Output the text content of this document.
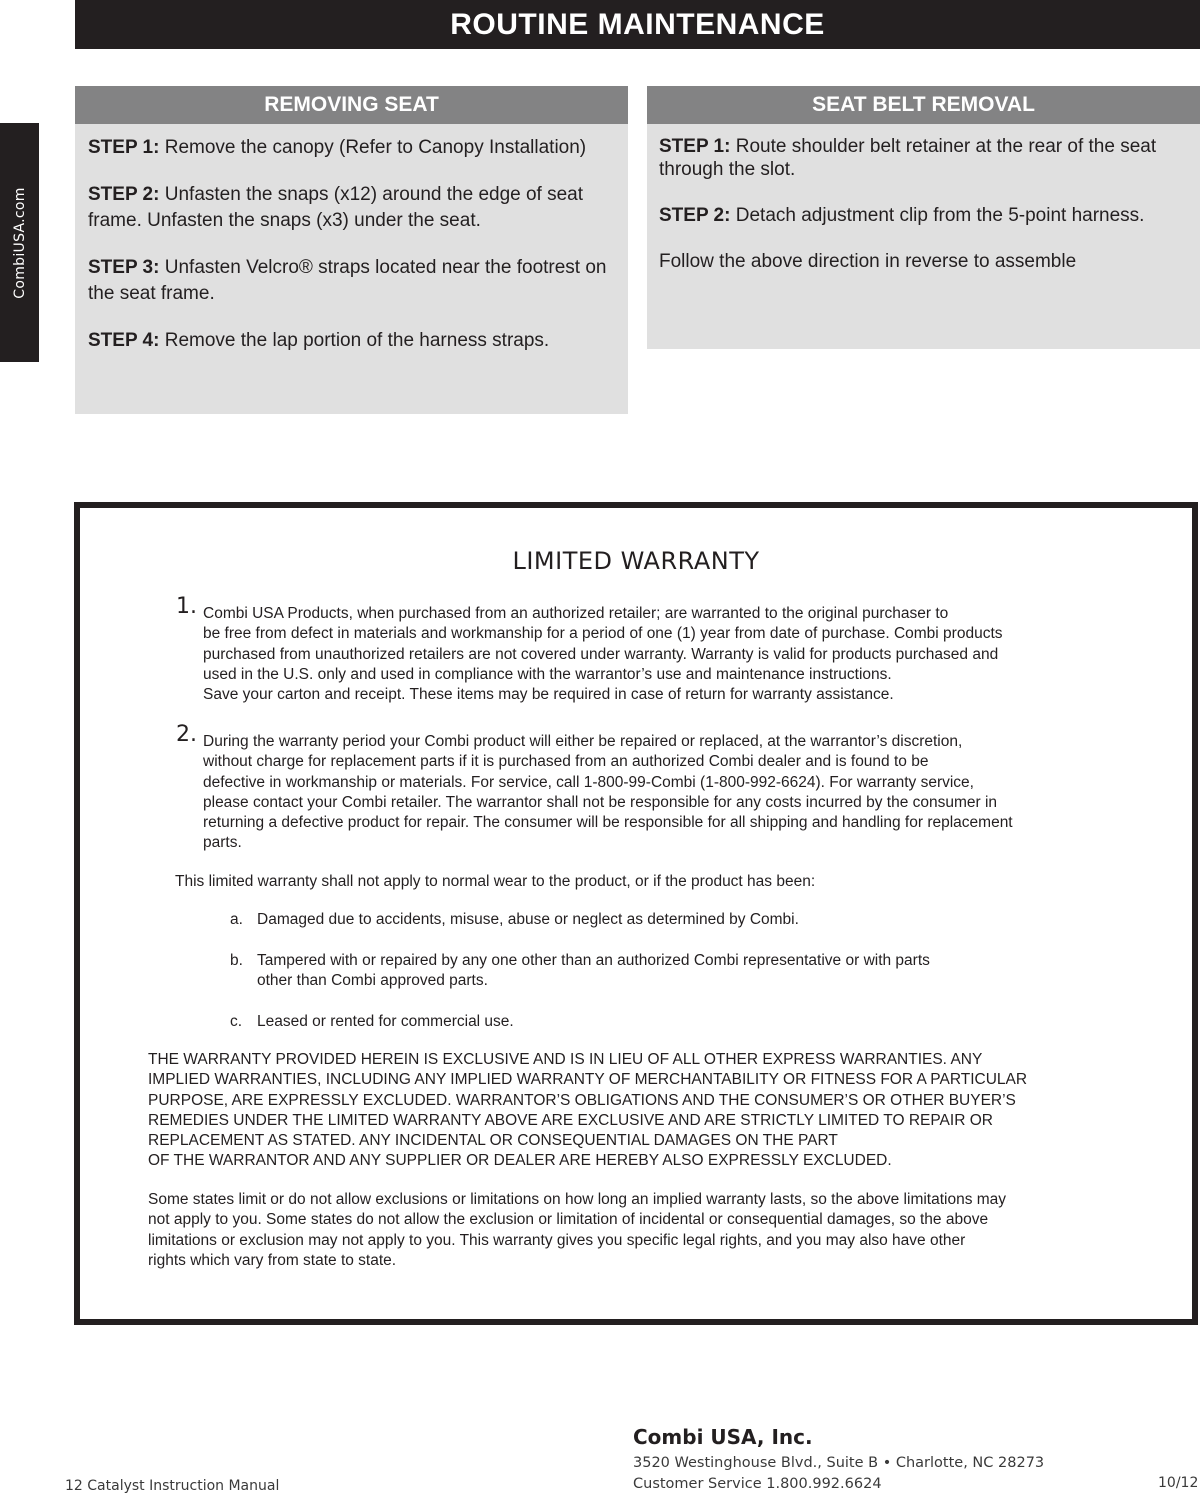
CombiUSA.com
ROUTINE MAINTENANCE
REMOVING SEAT

STEP 1: Remove the canopy (Refer to Canopy Installation)

STEP 2: Unfasten the snaps (x12) around the edge of seat frame. Unfasten the snaps (x3) under the seat.

STEP 3: Unfasten Velcro® straps located near the footrest on the seat frame.

STEP 4: Remove the lap portion of the harness straps.

SEAT BELT REMOVAL

STEP 1: Route shoulder belt retainer at the rear of the seat through the slot.

STEP 2: Detach adjustment clip from the 5-point harness.

Follow the above direction in reverse to assemble

LIMITED WARRANTY
1. Combi USA Products, when purchased from an authorized retailer; are warranted to the original purchaser to
be free from defect in materials and workmanship for a period of one (1) year from date of purchase. Combi products
purchased from unauthorized retailers are not covered under warranty. Warranty is valid for products purchased and
used in the U.S. only and used in compliance with the warrantor’s use and maintenance instructions.
Save your carton and receipt. These items may be required in case of return for warranty assistance.
2. During the warranty period your Combi product will either be repaired or replaced, at the warrantor’s discretion,
without charge for replacement parts if it is purchased from an authorized Combi dealer and is found to be
defective in workmanship or materials. For service, call 1-800-99-Combi (1-800-992-6624). For warranty service,
please contact your Combi retailer. The warrantor shall not be responsible for any costs incurred by the consumer in
returning a defective product for repair. The consumer will be responsible for all shipping and handling for replacement
parts.
This limited warranty shall not apply to normal wear to the product, or if the product has been:
a. Damaged due to accidents, misuse, abuse or neglect as determined by Combi.
b. Tampered with or repaired by any one other than an authorized Combi representative or with parts
other than Combi approved parts.
c. Leased or rented for commercial use.
THE WARRANTY PROVIDED HEREIN IS EXCLUSIVE AND IS IN LIEU OF ALL OTHER EXPRESS WARRANTIES. ANY
IMPLIED WARRANTIES, INCLUDING ANY IMPLIED WARRANTY OF MERCHANTABILITY OR FITNESS FOR A PARTICULAR
PURPOSE, ARE EXPRESSLY EXCLUDED. WARRANTOR’S OBLIGATIONS AND THE CONSUMER’S OR OTHER BUYER’S
REMEDIES UNDER THE LIMITED WARRANTY ABOVE ARE EXCLUSIVE AND ARE STRICTLY LIMITED TO REPAIR OR
REPLACEMENT AS STATED. ANY INCIDENTAL OR CONSEQUENTIAL DAMAGES ON THE PART
OF THE WARRANTOR AND ANY SUPPLIER OR DEALER ARE HEREBY ALSO EXPRESSLY EXCLUDED.
Some states limit or do not allow exclusions or limitations on how long an implied warranty lasts, so the above limitations may
not apply to you. Some states do not allow the exclusion or limitation of incidental or consequential damages, so the above
limitations or exclusion may not apply to you. This warranty gives you specific legal rights, and you may also have other
rights which vary from state to state.
Combi USA, Inc.
3520 Westinghouse Blvd., Suite B • Charlotte, NC 28273
Customer Service 1.800.992.6624
12 Catalyst Instruction Manual	10/12
